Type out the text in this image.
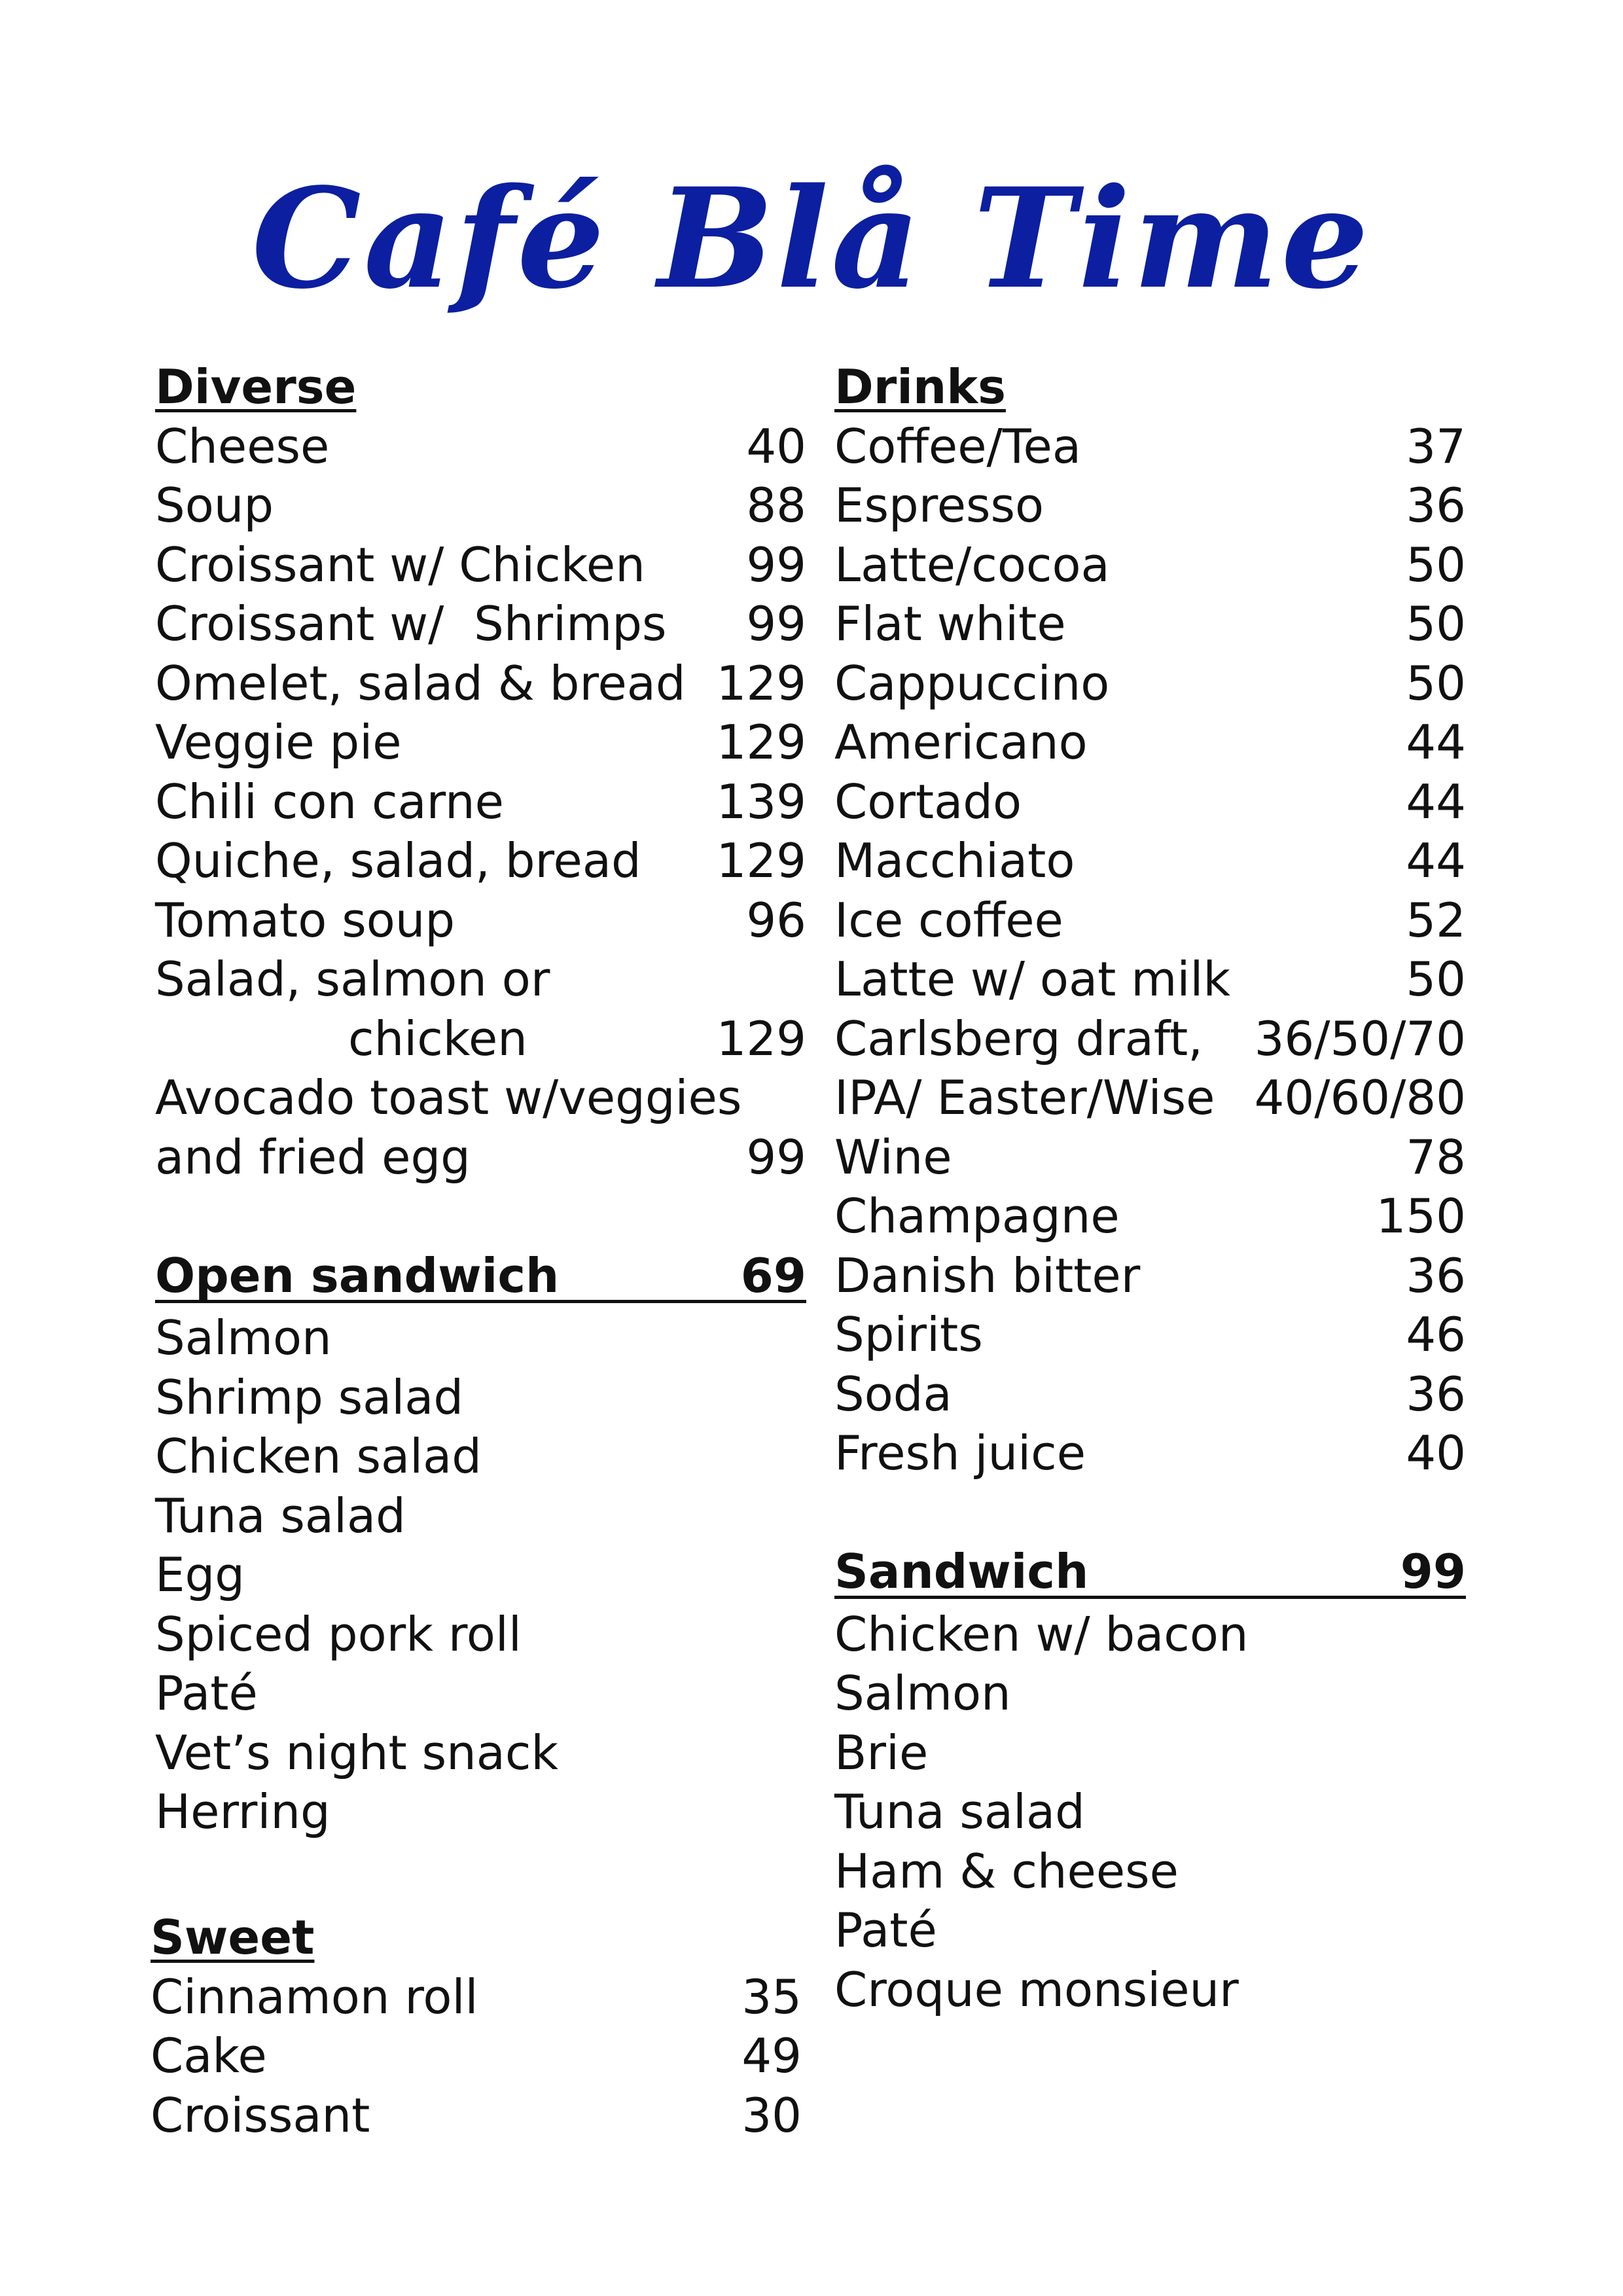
Café Blå Time
Diverse
Cheese	40
Soup	88
Croissant w/ Chicken 99
Croissant w/  Shrimps 99
Omelet, salad & bread 129
Veggie pie	129
Chili con carne	139
Quiche, salad, bread 129
Tomato soup	96
Salad, salmon or
chicken	129
Avocado toast w/veggies
and fried egg	99
Open sandwich	69
Salmon
Shrimp salad
Chicken salad
Tuna salad
Egg
Spiced pork roll
Paté
Vet’s night snack
Herring
Sweet
Cinnamon roll	35
Cake	49
Croissant	30
Drinks
Coffee/Tea	37
Espresso	36
Latte/cocoa	50
Flat white	50
Cappuccino	50
Americano	44
Cortado	44
Macchiato	44
Ice coffee	52
Latte w/ oat milk	50
Carlsberg draft, 36/50/70
IPA/ Easter/Wise 40/60/80
Wine	78
Champagne	150
Danish bitter	36
Spirits	46
Soda	36
Fresh juice	40
Sandwich	99
Chicken w/ bacon
Salmon
Brie
Tuna salad
Ham & cheese
Paté
Croque monsieur
